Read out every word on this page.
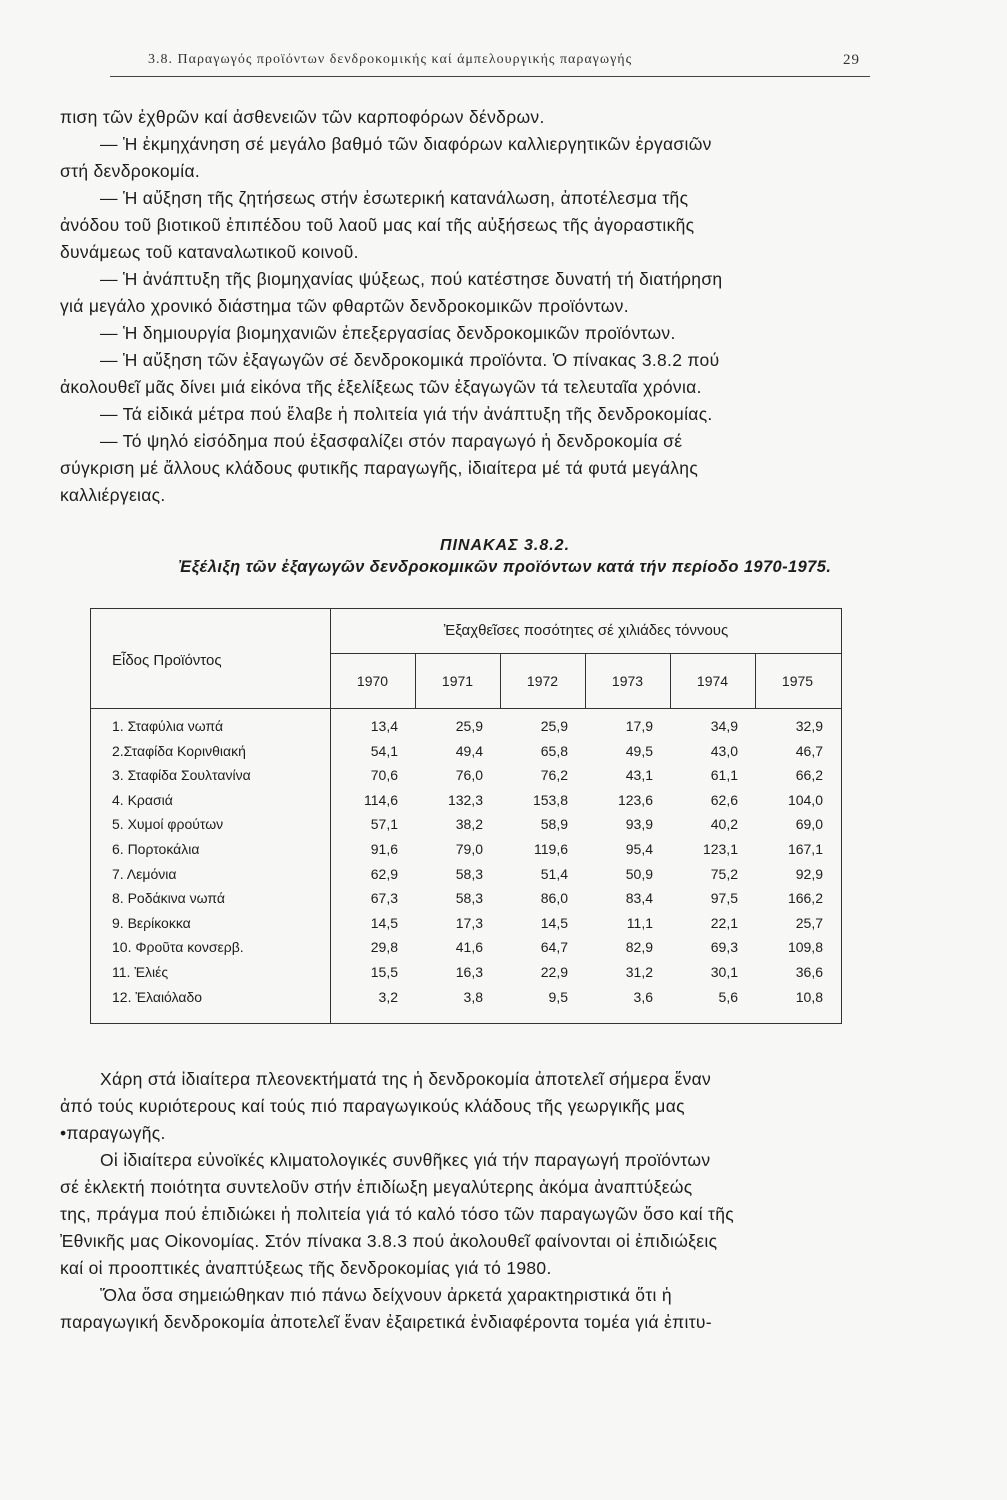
3.8. Παραγωγός προϊόντων δενδροκομικής καί άμπελουργικής παραγωγής	29

πιση τῶν ἐχθρῶν καί ἀσθενειῶν τῶν καρποφόρων δένδρων.

— Ἡ ἐκμηχάνηση σέ μεγάλο βαθμό τῶν διαφόρων καλλιεργητικῶν ἐργασιῶν

στή δενδροκομία.

— Ἡ αὔξηση τῆς ζητήσεως στήν ἐσωτερική κατανάλωση, ἀποτέλεσμα τῆς

ἀνόδου τοῦ βιοτικοῦ ἐπιπέδου τοῦ λαοῦ μας καί τῆς αὐξήσεως τῆς ἀγοραστικῆς

δυνάμεως τοῦ καταναλωτικοῦ κοινοῦ.

— Ἡ ἀνάπτυξη τῆς βιομηχανίας ψύξεως, πού κατέστησε δυνατή τή διατήρηση

γιά μεγάλο χρονικό διάστημα τῶν φθαρτῶν δενδροκομικῶν προϊόντων.

— Ἡ δημιουργία βιομηχανιῶν ἐπεξεργασίας δενδροκομικῶν προϊόντων.

— Ἡ αὔξηση τῶν ἐξαγωγῶν σέ δενδροκομικά προϊόντα. Ὁ πίνακας 3.8.2 πού

ἀκολουθεῖ μᾶς δίνει μιά εἰκόνα τῆς ἐξελίξεως τῶν ἐξαγωγῶν τά τελευταῖα χρόνια.

— Τά εἰδικά μέτρα πού ἔλαβε ἡ πολιτεία γιά τήν ἀνάπτυξη τῆς δενδροκομίας.

— Τό ψηλό εἰσόδημα πού ἐξασφαλίζει στόν παραγωγό ἡ δενδροκομία σέ

σύγκριση μέ ἄλλους κλάδους φυτικῆς παραγωγῆς, ἰδιαίτερα μέ τά φυτά μεγάλης

καλλιέργειας.

ΠΙΝΑΚΑΣ 3.8.2.
Ἐξέλιξη τῶν ἐξαγωγῶν δενδροκομικῶν προϊόντων κατά τήν περίοδο 1970-1975.
Εἶδος Προϊόντος
Ἐξαχθεῖσες ποσότητες σέ χιλιάδες τόννους
1970	1971	1972	1973	1974	1975
1. Σταφύλια νωπά	13,4	25,9	25,9	17,9	34,9	32,9
2.Σταφίδα Κορινθιακή	54,1	49,4	65,8	49,5	43,0	46,7
3. Σταφίδα Σουλτανίνα	70,6	76,0	76,2	43,1	61,1	66,2
4. Κρασιά	114,6	132,3	153,8	123,6	62,6	104,0
5. Χυμοί φρούτων	57,1	38,2	58,9	93,9	40,2	69,0
6. Πορτοκάλια	91,6	79,0	119,6	95,4	123,1	167,1
7. Λεμόνια	62,9	58,3	51,4	50,9	75,2	92,9
8. Ροδάκινα νωπά	67,3	58,3	86,0	83,4	97,5	166,2
9. Βερίκοκκα	14,5	17,3	14,5	11,1	22,1	25,7
10. Φροῦτα κονσερβ.	29,8	41,6	64,7	82,9	69,3	109,8
11. Ἐλιές	15,5	16,3	22,9	31,2	30,1	36,6
12. Ἐλαιόλαδο	3,2	3,8	9,5	3,6	5,6	10,8

Χάρη στά ἰδιαίτερα πλεονεκτήματά της ἡ δενδροκομία ἀποτελεῖ σήμερα ἕναν

ἀπό τούς κυριότερους καί τούς πιό παραγωγικούς κλάδους τῆς γεωργικῆς μας

•παραγωγῆς.

Οἱ ἰδιαίτερα εὐνοϊκές κλιματολογικές συνθῆκες γιά τήν παραγωγή προϊόντων

σέ ἐκλεκτή ποιότητα συντελοῦν στήν ἐπιδίωξη μεγαλύτερης ἀκόμα ἀναπτύξεώς

της, πράγμα πού ἐπιδιώκει ἡ πολιτεία γιά τό καλό τόσο τῶν παραγωγῶν ὅσο καί τῆς

Ἐθνικῆς μας Οἰκονομίας. Στόν πίνακα 3.8.3 πού ἀκολουθεῖ φαίνονται οἱ ἐπιδιώξεις

καί οἱ προοπτικές ἀναπτύξεως τῆς δενδροκομίας γιά τό 1980.

Ὅλα ὅσα σημειώθηκαν πιό πάνω δείχνουν ἀρκετά χαρακτηριστικά ὅτι ἡ

παραγωγική δενδροκομία ἀποτελεῖ ἕναν ἐξαιρετικά ἐνδιαφέροντα τομέα γιά ἐπιτυ-
